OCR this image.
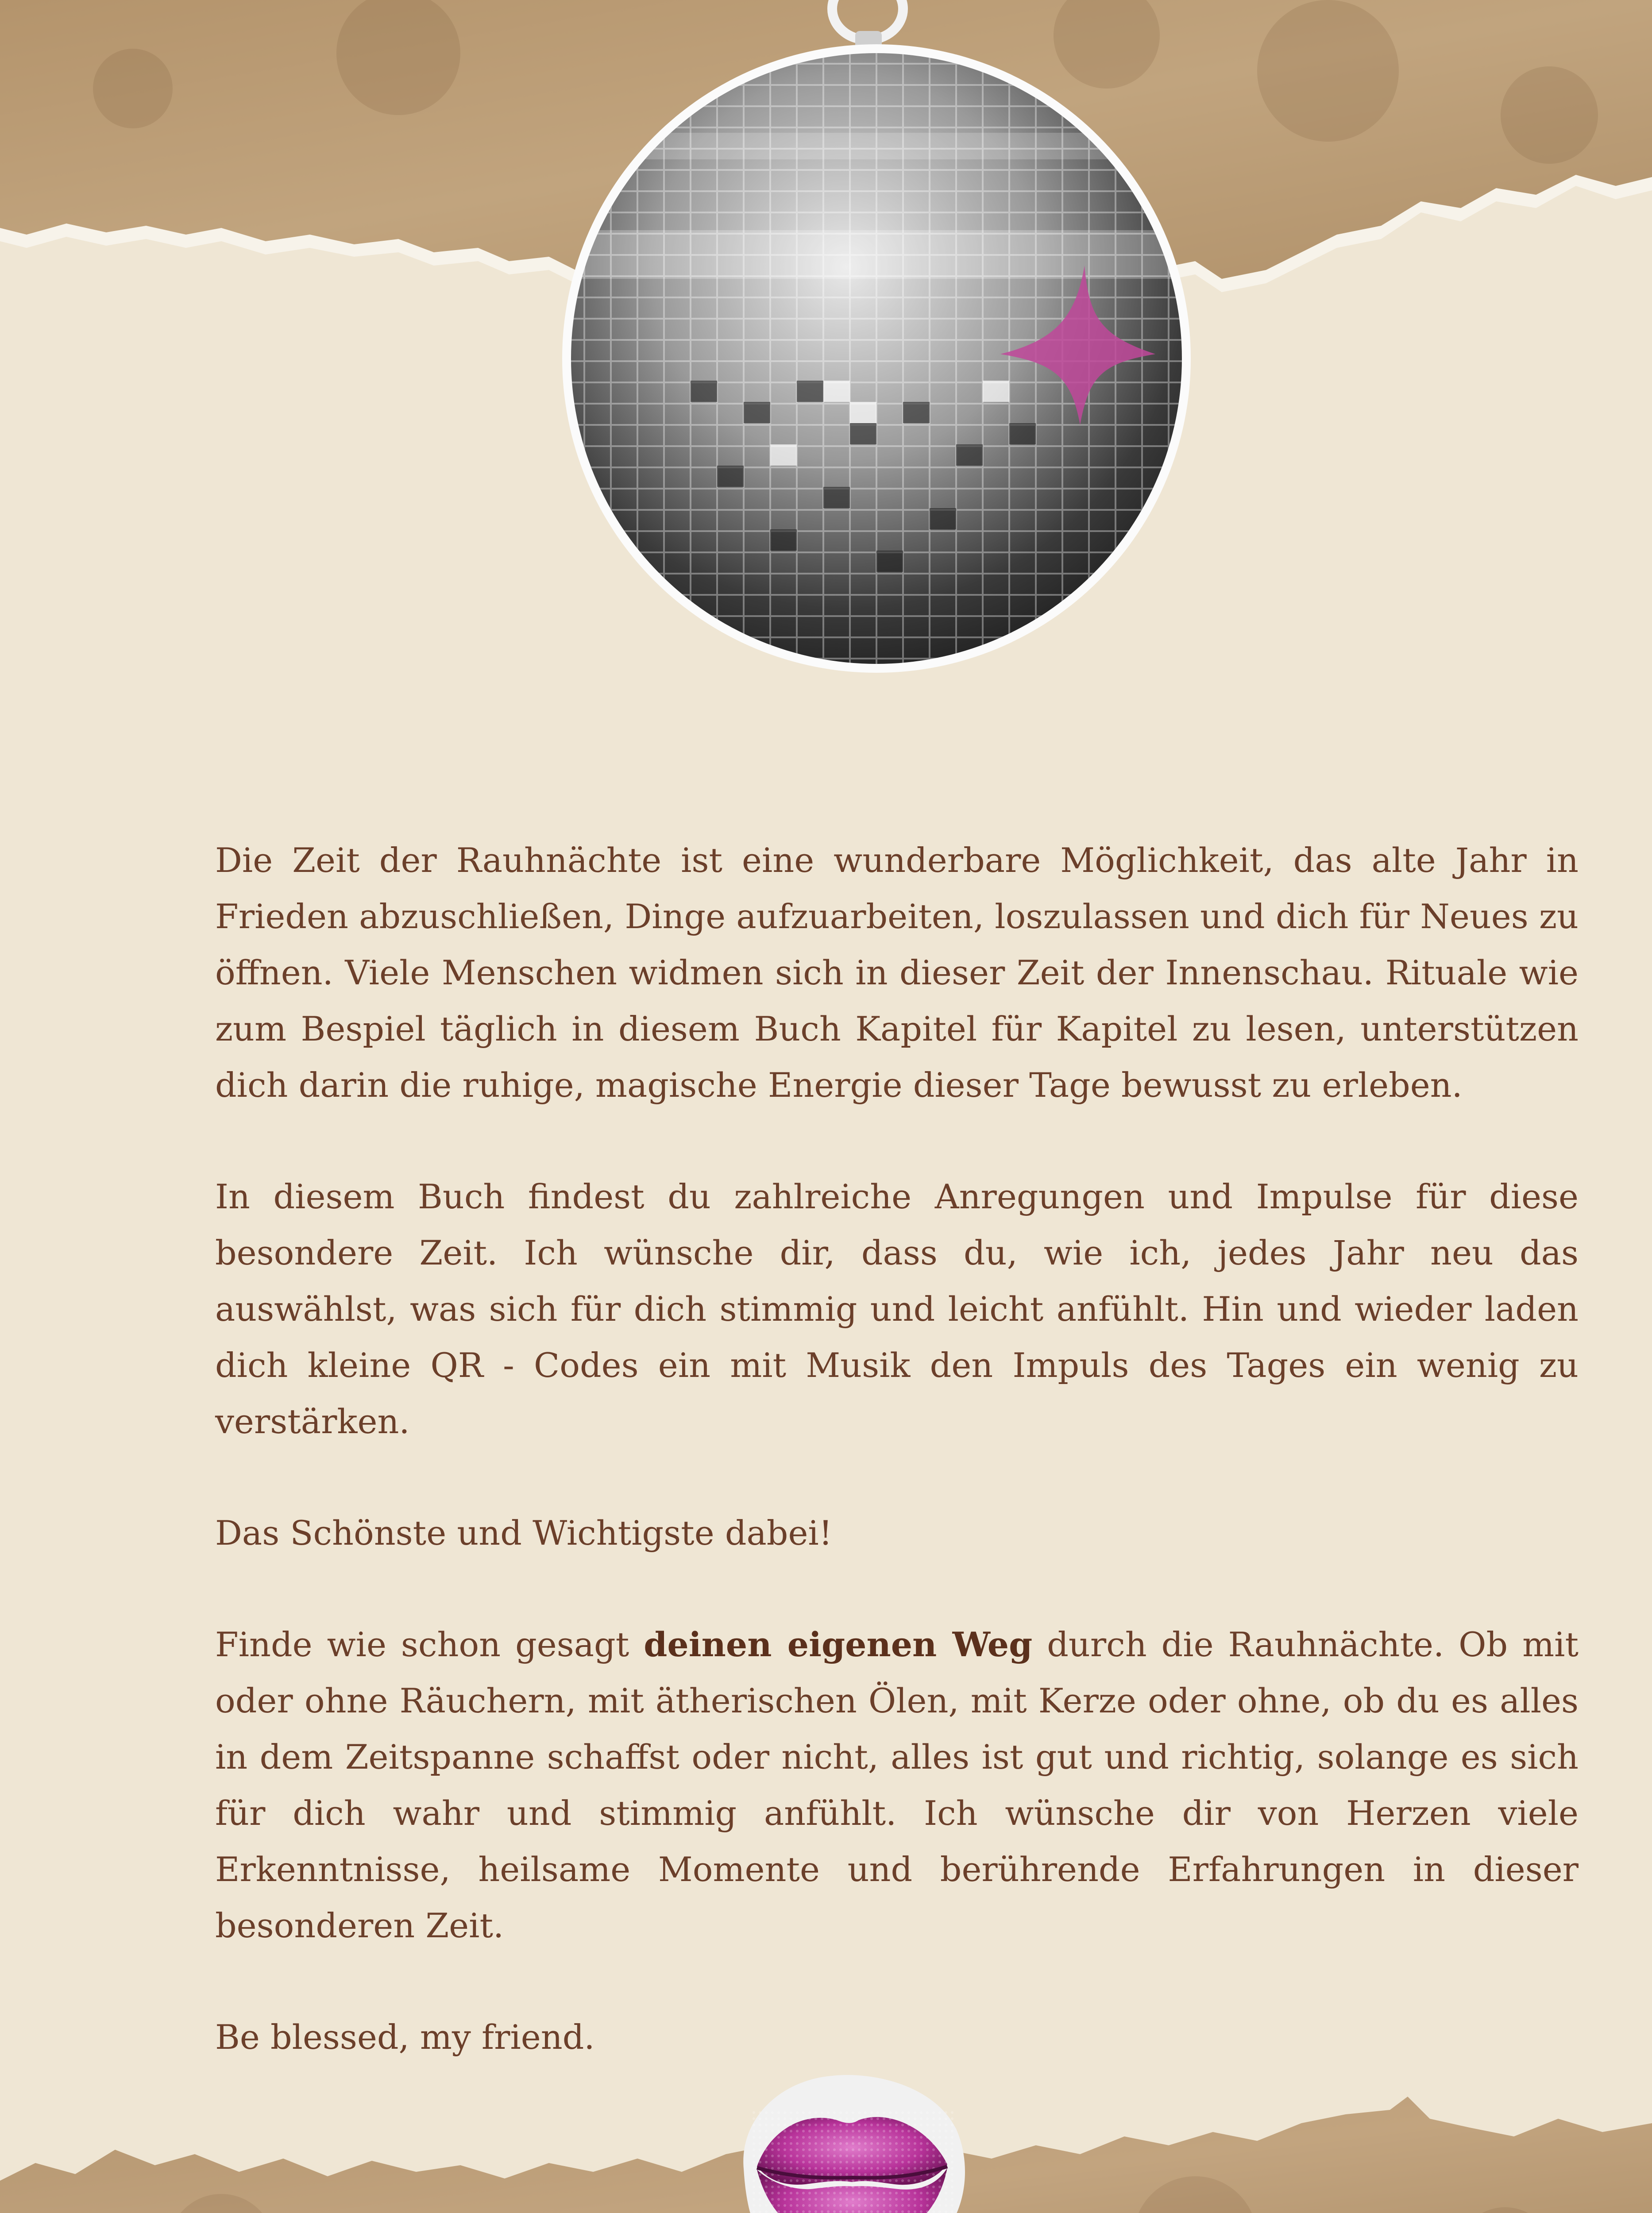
Die Zeit der Rauhnächte ist eine wunderbare Möglichkeit, das alte Jahr in Frieden abzuschließen, Dinge aufzuarbeiten, loszulassen und dich für Neues zu öffnen. Viele Menschen widmen sich in dieser Zeit der Innenschau. Rituale wie zum Bespiel täglich in diesem Buch Kapitel für Kapitel zu lesen, unterstützen dich darin die ruhige, magische Energie dieser Tage bewusst zu erleben.

In diesem Buch findest du zahlreiche Anregungen und Impulse für diese besondere Zeit. Ich wünsche dir, dass du, wie ich, jedes Jahr neu das auswählst, was sich für dich stimmig und leicht anfühlt. Hin und wieder laden dich kleine QR - Codes ein mit Musik den Impuls des Tages ein wenig zu verstärken.

Das Schönste und Wichtigste dabei!

Finde wie schon gesagt deinen eigenen Weg durch die Rauhnächte. Ob mit oder ohne Räuchern, mit ätherischen Ölen, mit Kerze oder ohne, ob du es alles in dem Zeitspanne schaffst oder nicht, alles ist gut und richtig, solange es sich für dich wahr und stimmig anfühlt. Ich wünsche dir von Herzen viele Erkenntnisse, heilsame Momente und berührende Erfahrungen in dieser besonderen Zeit.

Be blessed, my friend.
